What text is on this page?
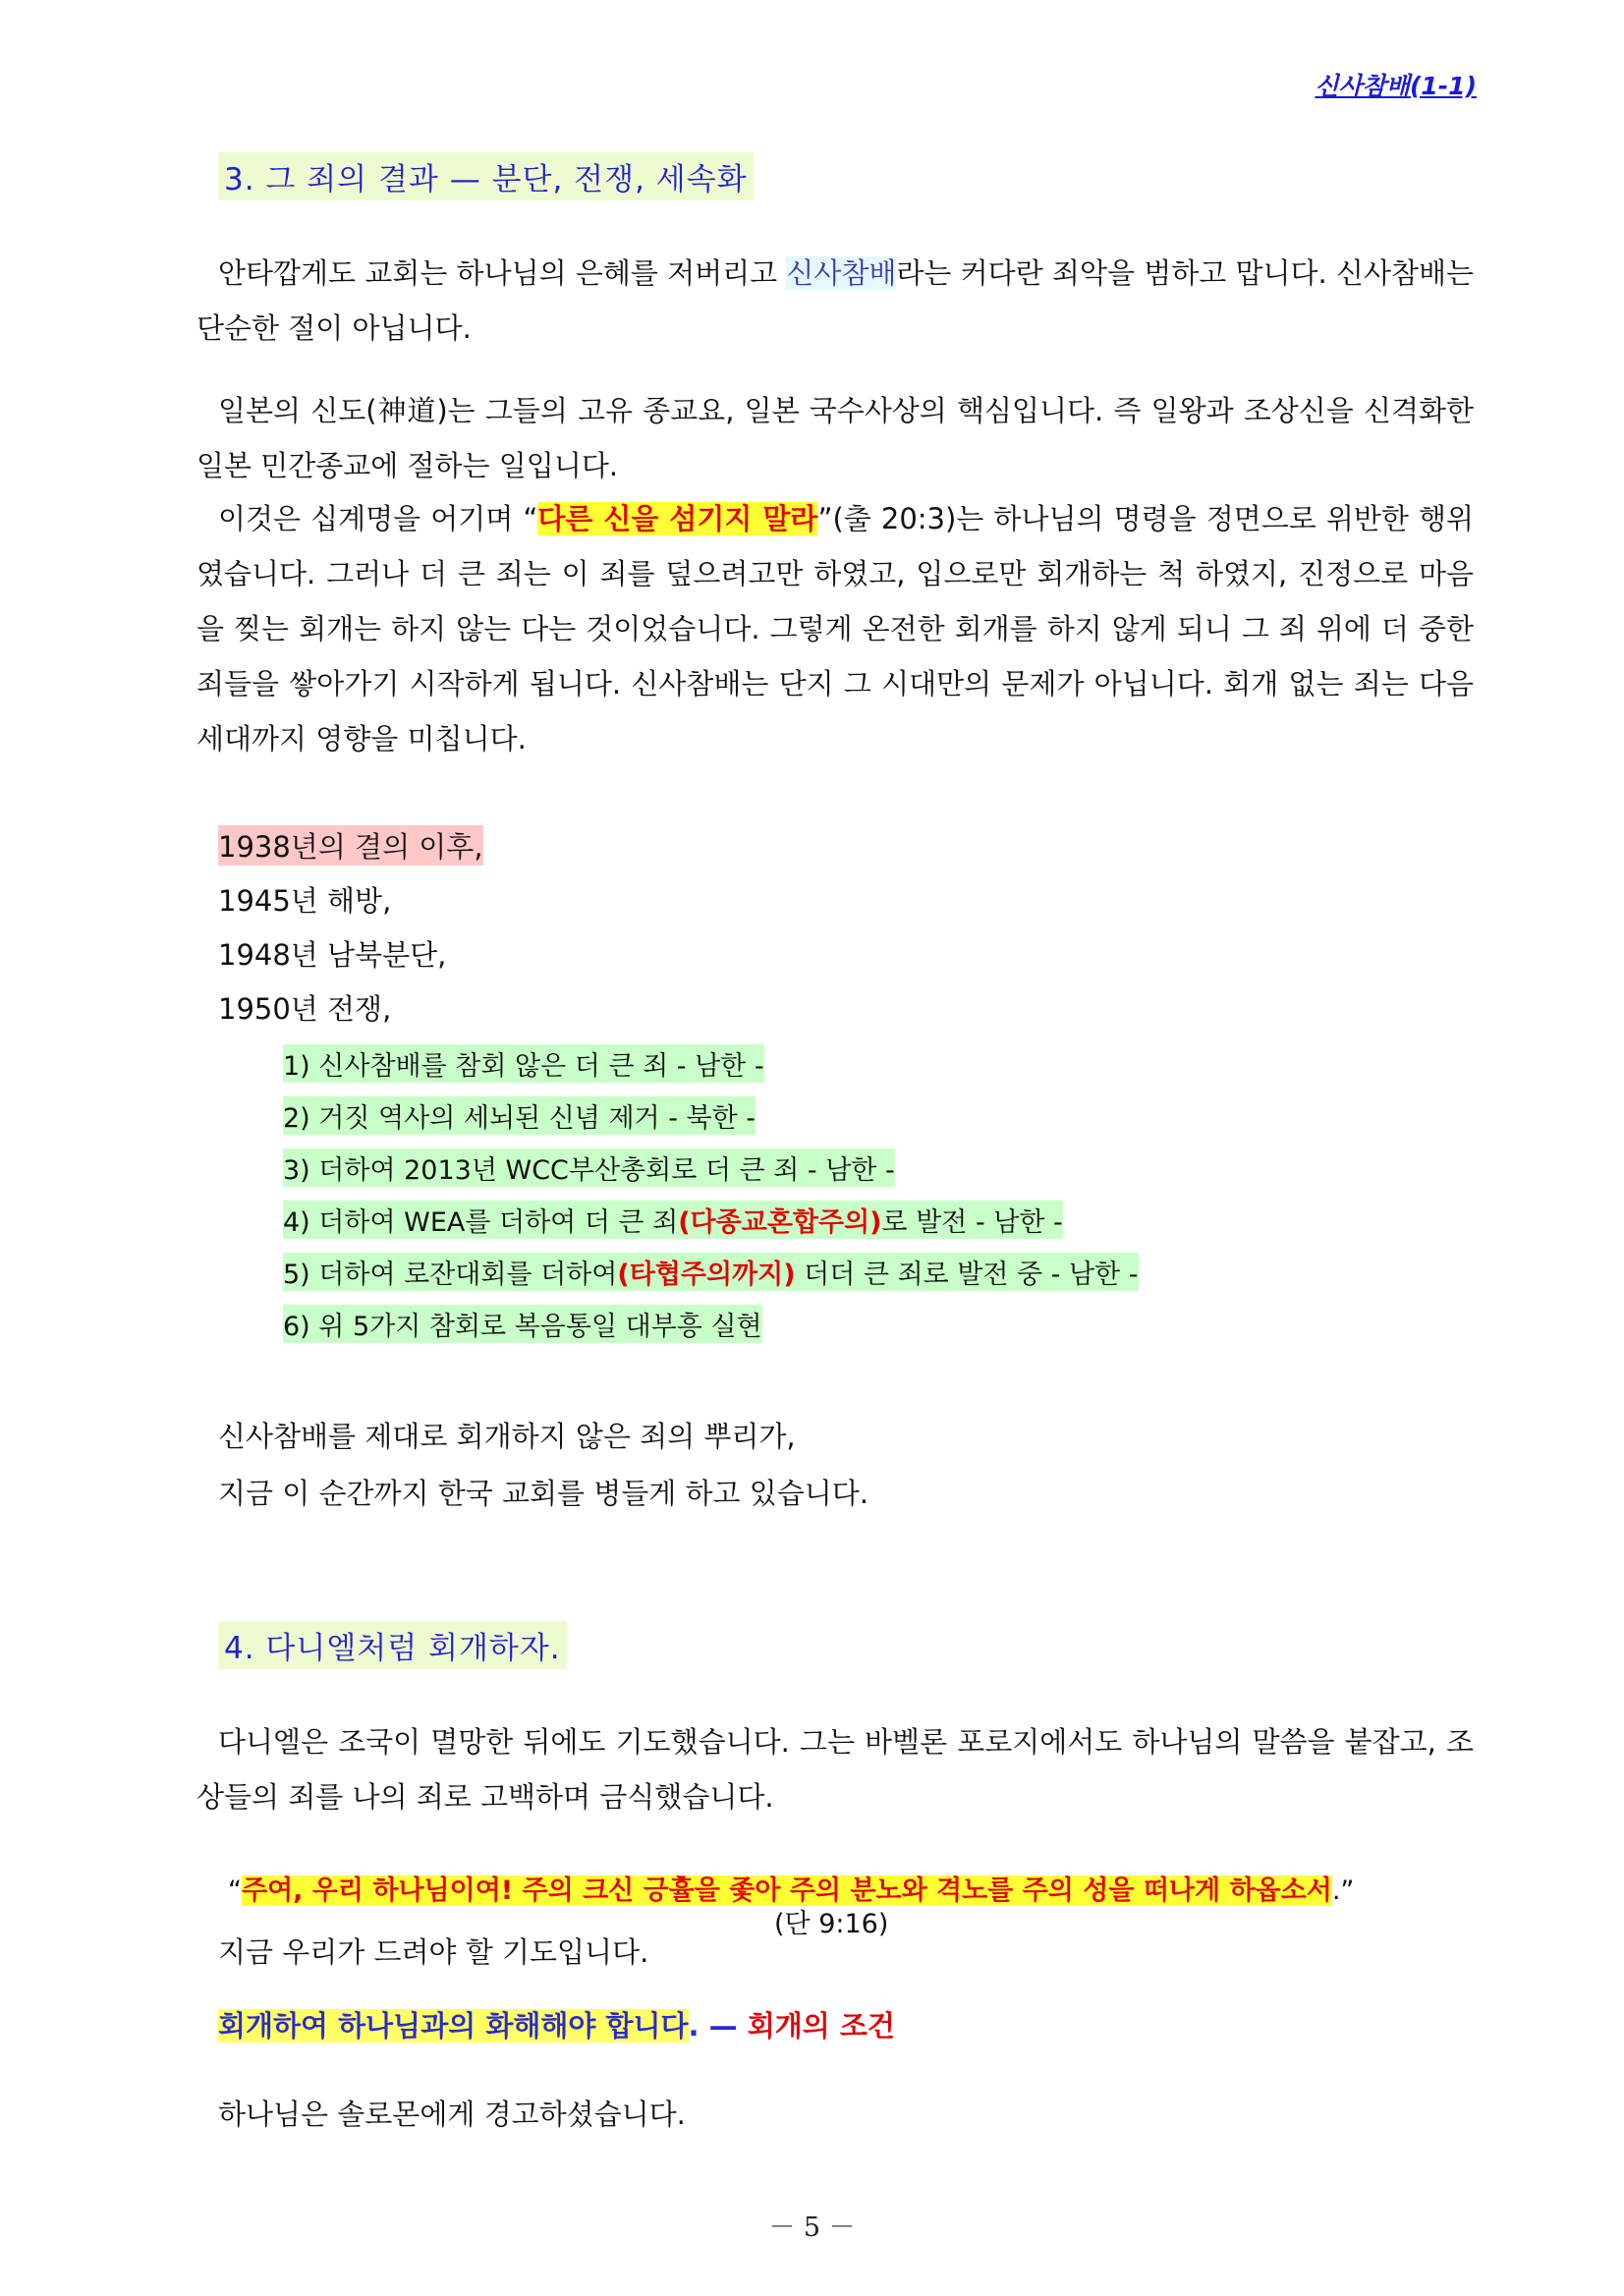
신사참배(1-1)
3. 그 죄의 결과 — 분단, 전쟁, 세속화

안타깝게도 교회는 하나님의 은혜를 저버리고 신사참배라는 커다란 죄악을 범하고 맙니다. 신사참배는 단순한 절이 아닙니다.

일본의 신도(神道)는 그들의 고유 종교요, 일본 국수사상의 핵심입니다. 즉 일왕과 조상신을 신격화한 일본 민간종교에 절하는 일입니다.

이것은 십계명을 어기며 “다른 신을 섬기지 말라”(출 20:3)는 하나님의 명령을 정면으로 위반한 행위였습니다. 그러나 더 큰 죄는 이 죄를 덮으려고만 하였고, 입으로만 회개하는 척 하였지, 진정으로 마음을 찢는 회개는 하지 않는 다는 것이었습니다. 그렇게 온전한 회개를 하지 않게 되니 그 죄 위에 더 중한 죄들을 쌓아가기 시작하게 됩니다. 신사참배는 단지 그 시대만의 문제가 아닙니다. 회개 없는 죄는 다음 세대까지 영향을 미칩니다.

1938년의 결의 이후,
1945년 해방,
1948년 남북분단,
1950년 전쟁,
1) 신사참배를 참회 않은 더 큰 죄 - 남한 -
2) 거짓 역사의 세뇌된 신념 제거 - 북한 -
3) 더하여 2013년 WCC부산총회로 더 큰 죄 - 남한 -
4) 더하여 WEA를 더하여 더 큰 죄(다종교혼합주의)로 발전 - 남한 -
5) 더하여 로잔대회를 더하여(타협주의까지) 더더 큰 죄로 발전 중 - 남한 -
6) 위 5가지 참회로 복음통일 대부흥 실현
신사참배를 제대로 회개하지 않은 죄의 뿌리가,
지금 이 순간까지 한국 교회를 병들게 하고 있습니다.
4. 다니엘처럼 회개하자.

다니엘은 조국이 멸망한 뒤에도 기도했습니다. 그는 바벨론 포로지에서도 하나님의 말씀을 붙잡고, 조상들의 죄를 나의 죄로 고백하며 금식했습니다.

“주여, 우리 하나님이여! 주의 크신 긍휼을 좇아 주의 분노와 격노를 주의 성을 떠나게 하옵소서.”
(단 9:16)
지금 우리가 드려야 할 기도입니다.
회개하여 하나님과의 화해해야 합니다. — 회개의 조건
하나님은 솔로몬에게 경고하셨습니다.
－ 5 －
